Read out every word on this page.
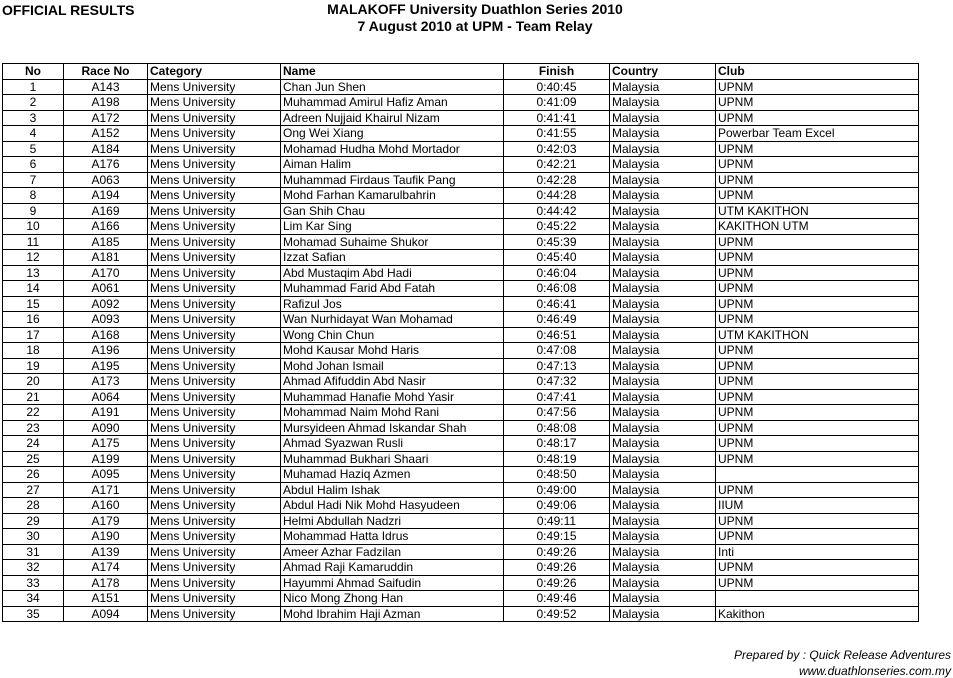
OFFICIAL RESULTS	MALAKOFF University Duathlon Series 2010
7 August 2010 at UPM - Team Relay
No	Race No	Category	Name	Finish	Country	Club
1	A143	Mens University	Chan Jun Shen	0:40:45	Malaysia	UPNM
2	A198	Mens University	Muhammad Amirul Hafiz Aman	0:41:09	Malaysia	UPNM
3	A172	Mens University	Adreen Nujjaid Khairul Nizam	0:41:41	Malaysia	UPNM
4	A152	Mens University	Ong Wei Xiang	0:41:55	Malaysia	Powerbar Team Excel
5	A184	Mens University	Mohamad Hudha Mohd Mortador	0:42:03	Malaysia	UPNM
6	A176	Mens University	Aiman Halim	0:42:21	Malaysia	UPNM
7	A063	Mens University	Muhammad Firdaus Taufik Pang	0:42:28	Malaysia	UPNM
8	A194	Mens University	Mohd Farhan Kamarulbahrin	0:44:28	Malaysia	UPNM
9	A169	Mens University	Gan Shih Chau	0:44:42	Malaysia	UTM KAKITHON
10	A166	Mens University	Lim Kar Sing	0:45:22	Malaysia	KAKITHON UTM
11	A185	Mens University	Mohamad Suhaime Shukor	0:45:39	Malaysia	UPNM
12	A181	Mens University	Izzat Safian	0:45:40	Malaysia	UPNM
13	A170	Mens University	Abd Mustaqim Abd Hadi	0:46:04	Malaysia	UPNM
14	A061	Mens University	Muhammad Farid Abd Fatah	0:46:08	Malaysia	UPNM
15	A092	Mens University	Rafizul Jos	0:46:41	Malaysia	UPNM
16	A093	Mens University	Wan Nurhidayat Wan Mohamad	0:46:49	Malaysia	UPNM
17	A168	Mens University	Wong Chin Chun	0:46:51	Malaysia	UTM KAKITHON
18	A196	Mens University	Mohd Kausar Mohd Haris	0:47:08	Malaysia	UPNM
19	A195	Mens University	Mohd Johan Ismail	0:47:13	Malaysia	UPNM
20	A173	Mens University	Ahmad Afifuddin Abd Nasir	0:47:32	Malaysia	UPNM
21	A064	Mens University	Muhammad Hanafie Mohd Yasir	0:47:41	Malaysia	UPNM
22	A191	Mens University	Mohammad Naim Mohd Rani	0:47:56	Malaysia	UPNM
23	A090	Mens University	Mursyideen Ahmad Iskandar Shah	0:48:08	Malaysia	UPNM
24	A175	Mens University	Ahmad Syazwan Rusli	0:48:17	Malaysia	UPNM
25	A199	Mens University	Muhammad Bukhari Shaari	0:48:19	Malaysia	UPNM
26	A095	Mens University	Muhamad Haziq Azmen	0:48:50	Malaysia	
27	A171	Mens University	Abdul Halim Ishak	0:49:00	Malaysia	UPNM
28	A160	Mens University	Abdul Hadi Nik Mohd Hasyudeen	0:49:06	Malaysia	IIUM
29	A179	Mens University	Helmi Abdullah Nadzri	0:49:11	Malaysia	UPNM
30	A190	Mens University	Mohammad Hatta Idrus	0:49:15	Malaysia	UPNM
31	A139	Mens University	Ameer Azhar Fadzilan	0:49:26	Malaysia	Inti
32	A174	Mens University	Ahmad Raji Kamaruddin	0:49:26	Malaysia	UPNM
33	A178	Mens University	Hayummi Ahmad Saifudin	0:49:26	Malaysia	UPNM
34	A151	Mens University	Nico Mong Zhong Han	0:49:46	Malaysia	
35	A094	Mens University	Mohd Ibrahim Haji Azman	0:49:52	Malaysia	Kakithon
Prepared by : Quick Release Adventures
www.duathlonseries.com.my
